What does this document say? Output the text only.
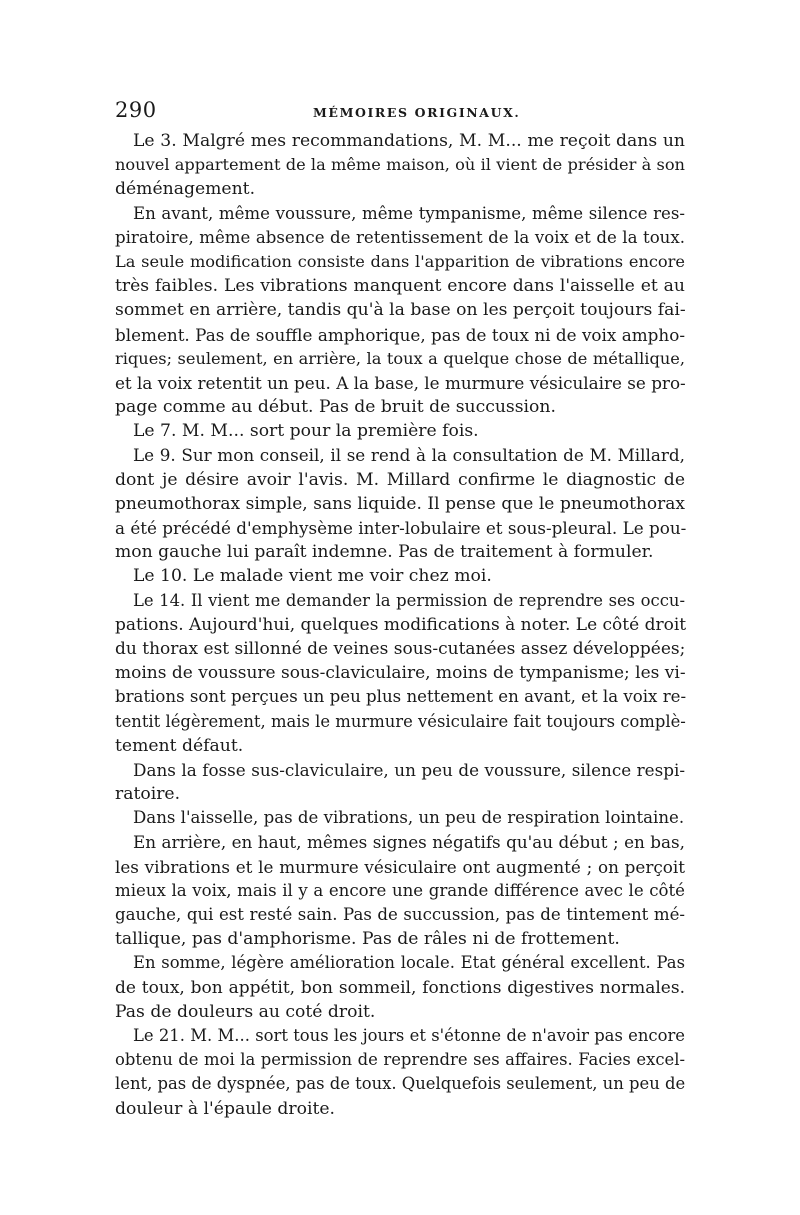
290	MÉMOIRES ORIGINAUX.
Le 3. Malgré mes recommandations, M. M... me reçoit dans un
nouvel appartement de la même maison, où il vient de présider à son
déménagement.
En avant, même voussure, même tympanisme, même silence res-
piratoire, même absence de retentissement de la voix et de la toux.
La seule modification consiste dans l'apparition de vibrations encore
très faibles. Les vibrations manquent encore dans l'aisselle et au
sommet en arrière, tandis qu'à la base on les perçoit toujours fai-
blement. Pas de souffle amphorique, pas de toux ni de voix ampho-
riques; seulement, en arrière, la toux a quelque chose de métallique,
et la voix retentit un peu. A la base, le murmure vésiculaire se pro-
page comme au début. Pas de bruit de succussion.
Le 7. M. M... sort pour la première fois.
Le 9. Sur mon conseil, il se rend à la consultation de M. Millard,
dont je désire avoir l'avis. M. Millard confirme le diagnostic de
pneumothorax simple, sans liquide. Il pense que le pneumothorax
a été précédé d'emphysème inter-lobulaire et sous-pleural. Le pou-
mon gauche lui paraît indemne. Pas de traitement à formuler.
Le 10. Le malade vient me voir chez moi.
Le 14. Il vient me demander la permission de reprendre ses occu-
pations. Aujourd'hui, quelques modifications à noter. Le côté droit
du thorax est sillonné de veines sous-cutanées assez développées;
moins de voussure sous-claviculaire, moins de tympanisme; les vi-
brations sont perçues un peu plus nettement en avant, et la voix re-
tentit légèrement, mais le murmure vésiculaire fait toujours complè-
tement défaut.
Dans la fosse sus-claviculaire, un peu de voussure, silence respi-
ratoire.
Dans l'aisselle, pas de vibrations, un peu de respiration lointaine.
En arrière, en haut, mêmes signes négatifs qu'au début ; en bas,
les vibrations et le murmure vésiculaire ont augmenté ; on perçoit
mieux la voix, mais il y a encore une grande différence avec le côté
gauche, qui est resté sain. Pas de succussion, pas de tintement mé-
tallique, pas d'amphorisme. Pas de râles ni de frottement.
En somme, légère amélioration locale. Etat général excellent. Pas
de toux, bon appétit, bon sommeil, fonctions digestives normales.
Pas de douleurs au coté droit.
Le 21. M. M... sort tous les jours et s'étonne de n'avoir pas encore
obtenu de moi la permission de reprendre ses affaires. Facies excel-
lent, pas de dyspnée, pas de toux. Quelquefois seulement, un peu de
douleur à l'épaule droite.
